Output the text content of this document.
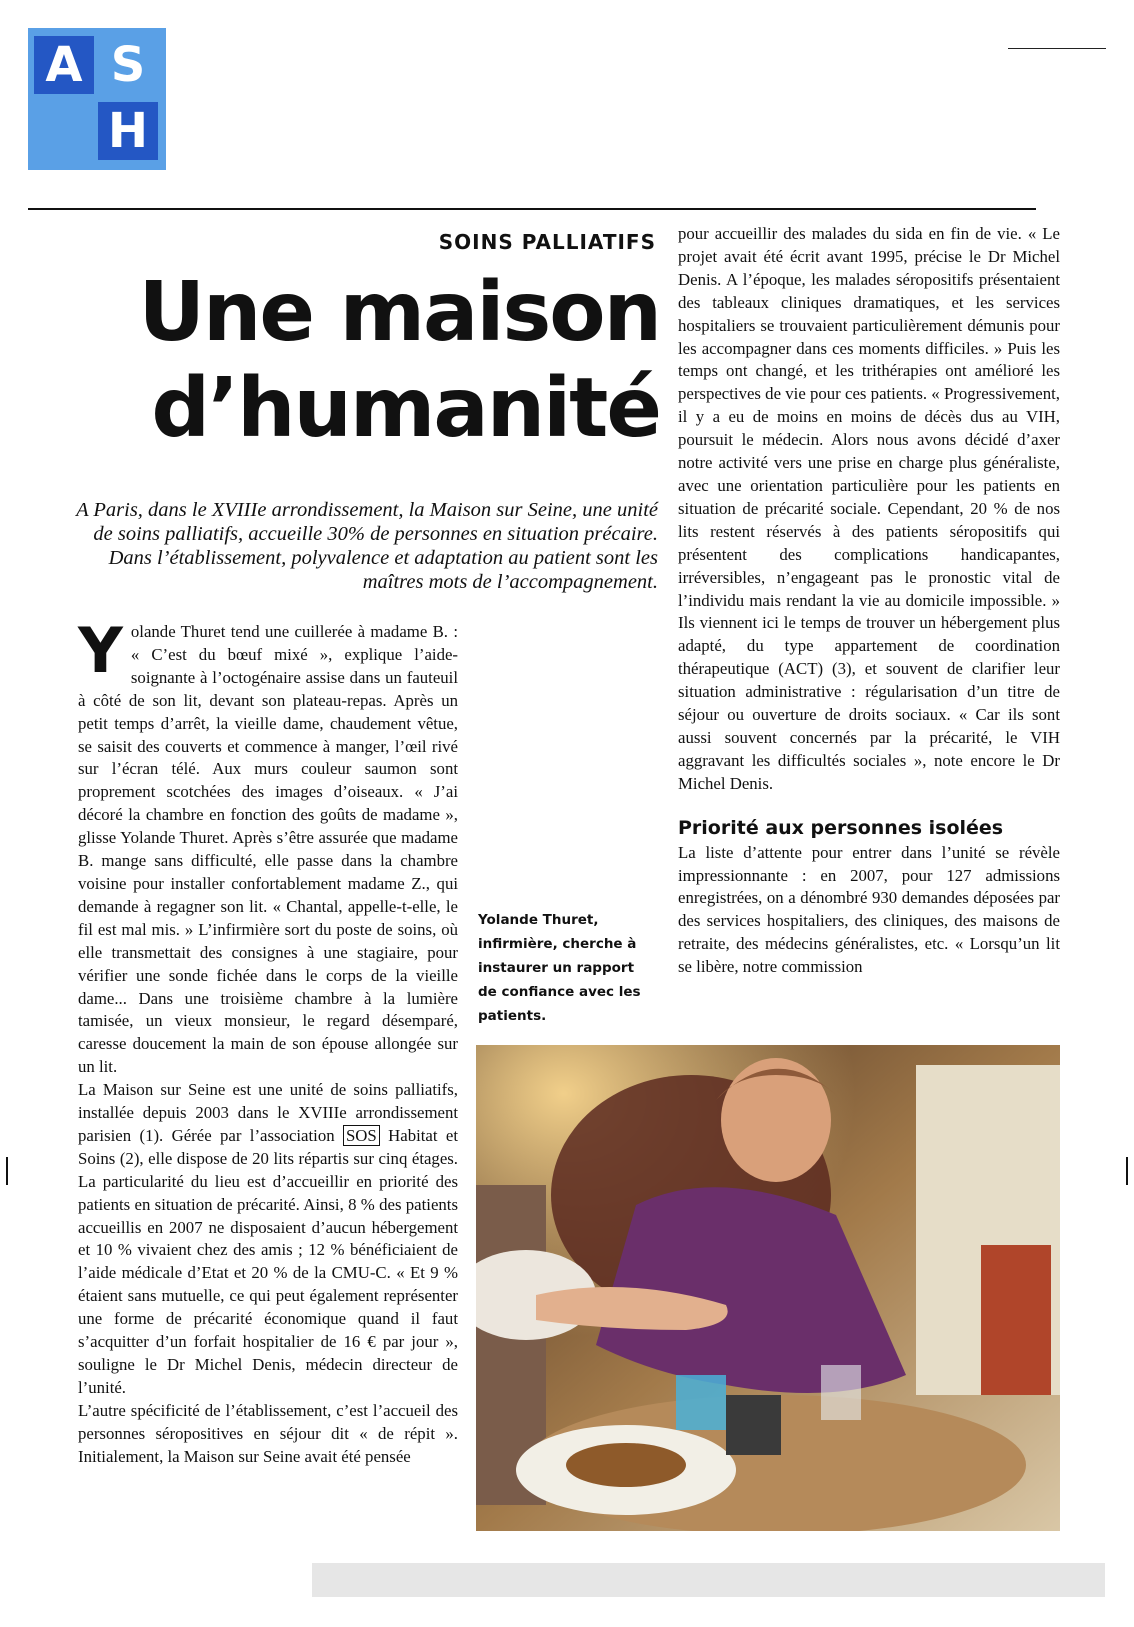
A S
H
SOINS PALLIATIFS
Une maison
d’humanité
A Paris, dans le XVIIIe arrondissement, la Maison sur Seine, une unité de soins palliatifs, accueille 30% de personnes en situation précaire. Dans l’établissement, polyvalence et adaptation au patient sont les maîtres mots de l’accompagnement.

Yolande Thuret tend une cuillerée à madame B. : « C’est du bœuf mixé », explique l’aide-soignante à l’octogénaire assise dans un fauteuil à côté de son lit, devant son plateau-repas. Après un petit temps d’arrêt, la vieille dame, chaudement vêtue, se saisit des couverts et commence à manger, l’œil rivé sur l’écran télé. Aux murs couleur saumon sont proprement scotchées des images d’oiseaux. « J’ai décoré la chambre en fonction des goûts de madame », glisse Yolande Thuret. Après s’être assurée que madame B. mange sans difficulté, elle passe dans la chambre voisine pour installer confortablement madame Z., qui demande à regagner son lit. « Chantal, appelle-t-elle, le fil est mal mis. » L’infirmière sort du poste de soins, où elle transmettait des consignes à une stagiaire, pour vérifier une sonde fichée dans le corps de la vieille dame... Dans une troisième chambre à la lumière tamisée, un vieux monsieur, le regard désemparé, caresse doucement la main de son épouse allongée sur un lit.

La Maison sur Seine est une unité de soins palliatifs, installée depuis 2003 dans le XVIIIe arrondissement parisien (1). Gérée par l’association SOS Habitat et Soins (2), elle dispose de 20 lits répartis sur cinq étages. La particularité du lieu est d’accueillir en priorité des patients en situation de précarité. Ainsi, 8 % des patients accueillis en 2007 ne disposaient d’aucun hébergement et 10 % vivaient chez des amis ; 12 % bénéficiaient de l’aide médicale d’Etat et 20 % de la CMU-C. « Et 9 % étaient sans mutuelle, ce qui peut également représenter une forme de précarité économique quand il faut s’acquitter d’un forfait hospitalier de 16 € par jour », souligne le Dr Michel Denis, médecin directeur de l’unité.

L’autre spécificité de l’établissement, c’est l’accueil des personnes séropositives en séjour dit « de répit ». Initialement, la Maison sur Seine avait été pensée

pour accueillir des malades du sida en fin de vie. « Le projet avait été écrit avant 1995, précise le Dr Michel Denis. A l’époque, les malades séropositifs présentaient des tableaux cliniques dramatiques, et les services hospitaliers se trouvaient particulièrement démunis pour les accompagner dans ces moments difficiles. » Puis les temps ont changé, et les trithérapies ont amélioré les perspectives de vie pour ces patients. « Progressivement, il y a eu de moins en moins de décès dus au VIH, poursuit le médecin. Alors nous avons décidé d’axer notre activité vers une prise en charge plus généraliste, avec une orientation particulière pour les patients en situation de précarité sociale. Cependant, 20 % de nos lits restent réservés à des patients séropositifs qui présentent des complications handicapantes, irréversibles, n’engageant pas le pronostic vital de l’individu mais rendant la vie au domicile impossible. » Ils viennent ici le temps de trouver un hébergement plus adapté, du type appartement de coordination thérapeutique (ACT) (3), et souvent de clarifier leur situation administrative : régularisation d’un titre de séjour ou ouverture de droits sociaux. « Car ils sont aussi souvent concernés par la précarité, le VIH aggravant les difficultés sociales », note encore le Dr Michel Denis.

Priorité aux personnes isolées

La liste d’attente pour entrer dans l’unité se révèle impressionnante : en 2007, pour 127 admissions enregistrées, on a dénombré 930 demandes déposées par des services hospitaliers, des cliniques, des maisons de retraite, des médecins généralistes, etc. « Lorsqu’un lit se libère, notre commission

Yolande Thuret, infirmière, cherche à instaurer un rapport de confiance avec les patients.
